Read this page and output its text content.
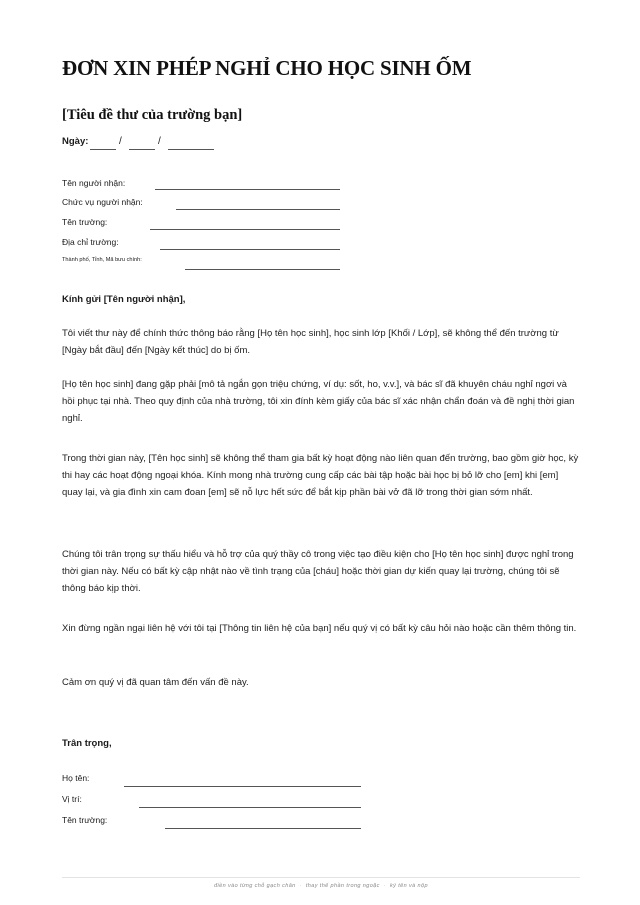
ĐƠN XIN PHÉP NGHỈ CHO HỌC SINH ỐM
[Tiêu đề thư của trường bạn]
Ngày:	/	/
Tên người nhận:
Chức vụ người nhận:
Tên trường:
Địa chỉ trường:
Thành phố, Tỉnh, Mã bưu chính:
Kính gửi [Tên người nhận],
Tôi viết thư này để chính thức thông báo rằng [Họ tên học sinh], học sinh lớp [Khối / Lớp], sẽ không thể đến trường từ [Ngày bắt đầu] đến [Ngày kết thúc] do bị ốm.
[Họ tên học sinh] đang gặp phải [mô tả ngắn gọn triệu chứng, ví dụ: sốt, ho, v.v.], và bác sĩ đã khuyên cháu nghỉ ngơi và hồi phục tại nhà. Theo quy định của nhà trường, tôi xin đính kèm giấy của bác sĩ xác nhận chẩn đoán và đề nghị thời gian nghỉ.
Trong thời gian này, [Tên học sinh] sẽ không thể tham gia bất kỳ hoạt động nào liên quan đến trường, bao gồm giờ học, kỳ thi hay các hoạt động ngoại khóa. Kính mong nhà trường cung cấp các bài tập hoặc bài học bị bỏ lỡ cho [em] khi [em] quay lại, và gia đình xin cam đoan [em] sẽ nỗ lực hết sức để bắt kịp phần bài vở đã lỡ trong thời gian sớm nhất.
Chúng tôi trân trọng sự thấu hiểu và hỗ trợ của quý thầy cô trong việc tạo điều kiện cho [Họ tên học sinh] được nghỉ trong thời gian này. Nếu có bất kỳ cập nhật nào về tình trạng của [cháu] hoặc thời gian dự kiến quay lại trường, chúng tôi sẽ thông báo kịp thời.
Xin đừng ngần ngại liên hệ với tôi tại [Thông tin liên hệ của bạn] nếu quý vị có bất kỳ câu hỏi nào hoặc cần thêm thông tin.
Cảm ơn quý vị đã quan tâm đến vấn đề này.
Trân trọng,
Họ tên:
Vị trí:
Tên trường:
điền vào từng chỗ gạch chân · thay thế phần trong ngoặc · ký tên và nộp
